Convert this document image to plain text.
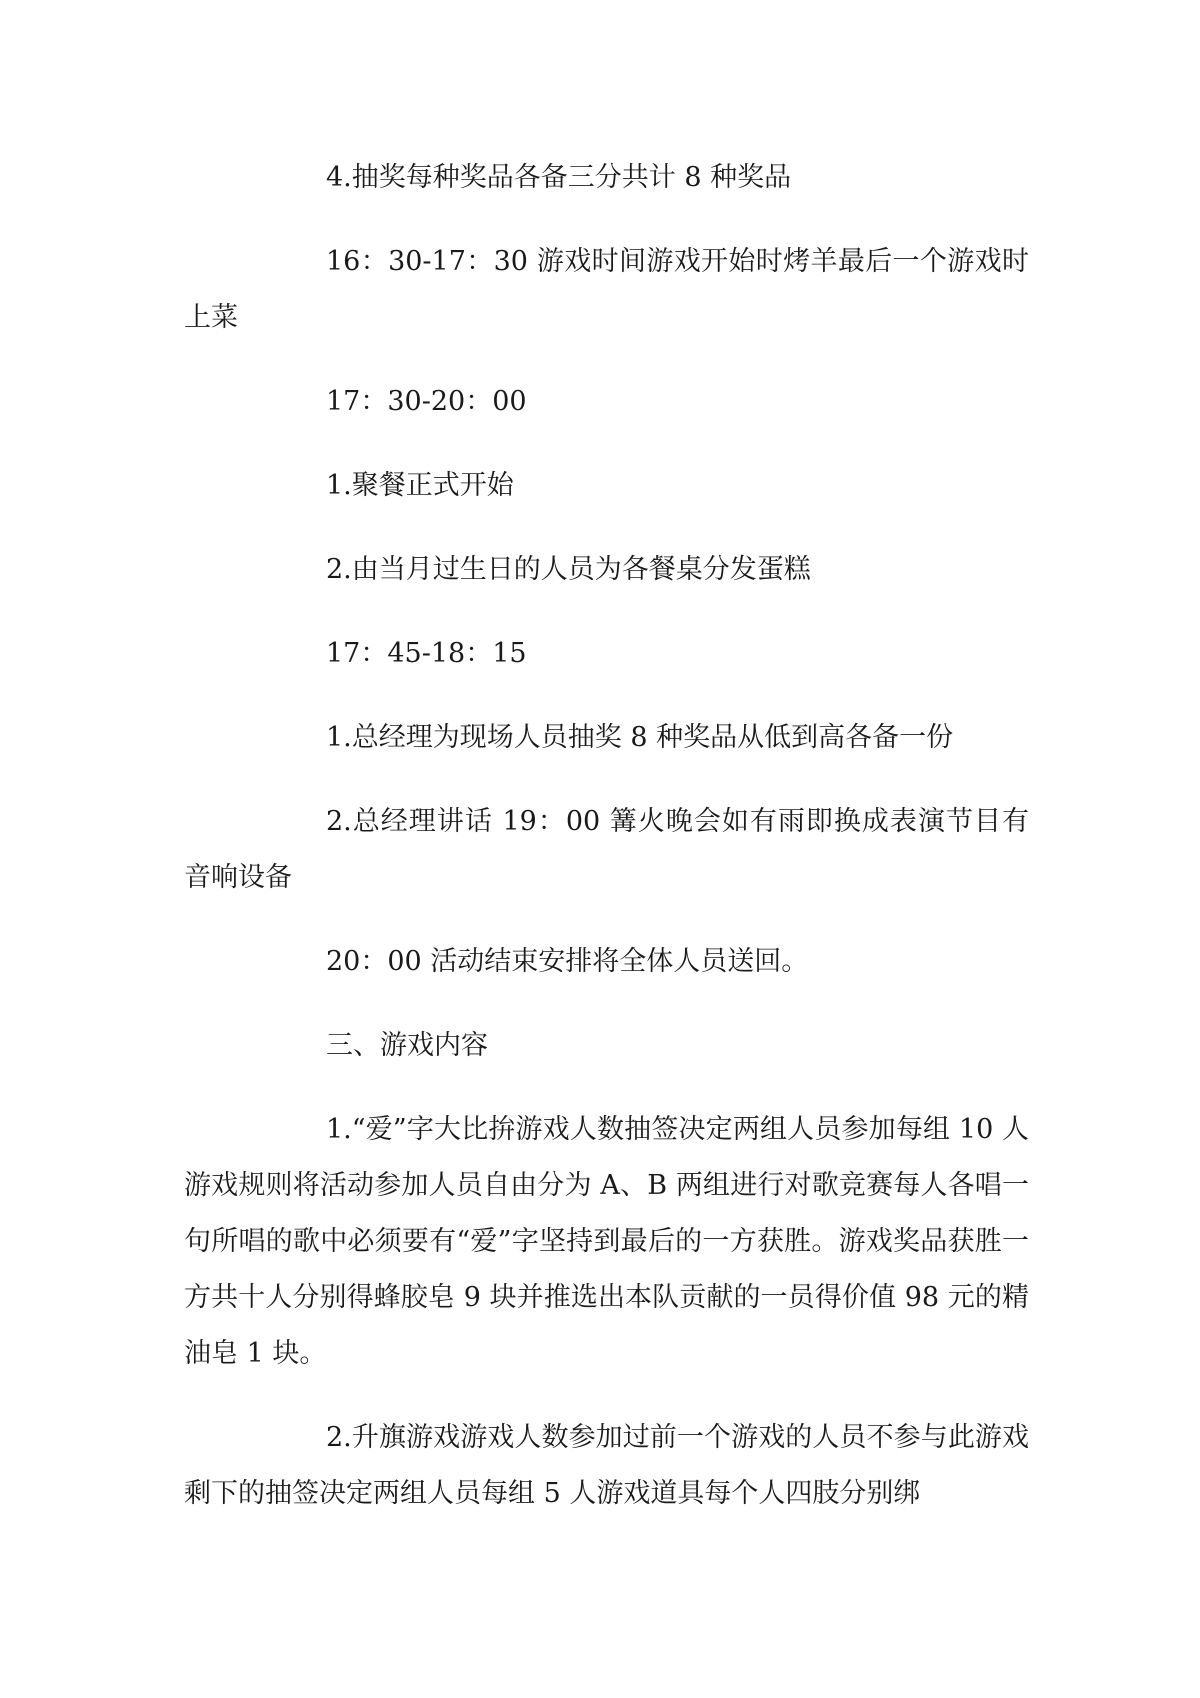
4.抽奖每种奖品各备三分共计 8 种奖品

16：30-17：30 游戏时间游戏开始时烤羊最后一个游戏时上菜

17：30-20：00

1.聚餐正式开始

2.由当月过生日的人员为各餐桌分发蛋糕

17：45-18：15

1.总经理为现场人员抽奖 8 种奖品从低到高各备一份

2.总经理讲话 19：00 篝火晚会如有雨即换成表演节目有音响设备

20：00 活动结束安排将全体人员送回。

三、游戏内容

1.“爱”字大比拚游戏人数抽签决定两组人员参加每组 10 人游戏规则将活动参加人员自由分为 A、B 两组进行对歌竞赛每人各唱一句所唱的歌中必须要有“爱”字坚持到最后的一方获胜。游戏奖品获胜一方共十人分别得蜂胶皂 9 块并推选出本队贡献的一员得价值 98 元的精油皂 1 块。

2.升旗游戏游戏人数参加过前一个游戏的人员不参与此游戏剩下的抽签决定两组人员每组 5 人游戏道具每个人四肢分别绑
